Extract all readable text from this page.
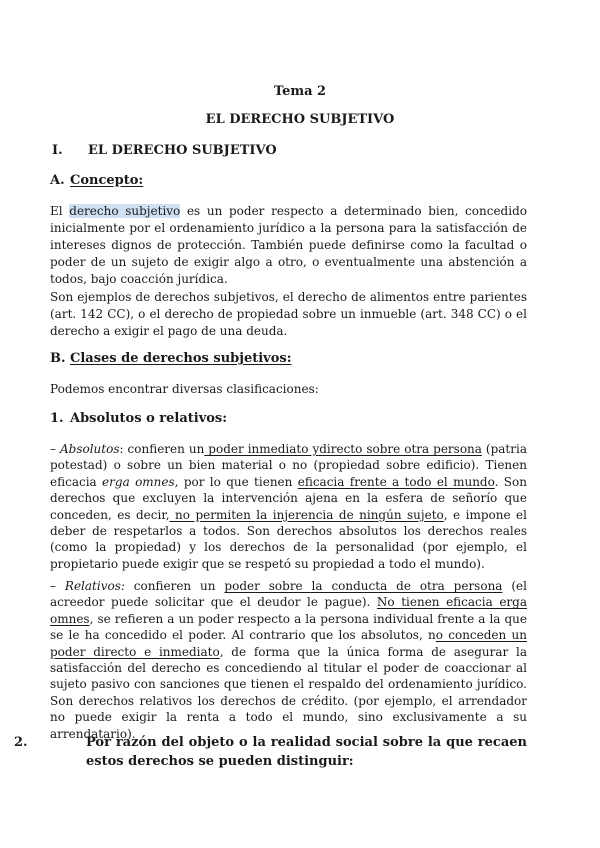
Tema 2
EL DERECHO SUBJETIVO
I. EL DERECHO SUBJETIVO
A. Concepto:
El derecho subjetivo es un poder respecto a determinado bien, concedido inicialmente por el ordenamiento jurídico a la persona para la satisfacción de intereses dignos de protección. También puede definirse como la facultad o poder de un sujeto de exigir algo a otro, o eventualmente una abstención a todos, bajo coacción jurídica.
Son ejemplos de derechos subjetivos, el derecho de alimentos entre parientes (art. 142 CC), o el derecho de propiedad sobre un inmueble (art. 348 CC) o el derecho a exigir el pago de una deuda.
B. Clases de derechos subjetivos:
Podemos encontrar diversas clasificaciones:
1. Absolutos o relativos:
– Absolutos: confieren un poder inmediato ydirecto sobre otra persona (patria potestad) o sobre un bien material o no (propiedad sobre edificio). Tienen eficacia erga omnes, por lo que tienen eficacia frente a todo el mundo. Son derechos que excluyen la intervención ajena en la esfera de señorío que conceden, es decir, no permiten la injerencia de ningún sujeto, e impone el deber de respetarlos a todos. Son derechos absolutos los derechos reales (como la propiedad) y los derechos de la personalidad (por ejemplo, el propietario puede exigir que se respetó su propiedad a todo el mundo).
– Relativos: confieren un poder sobre la conducta de otra persona (el acreedor puede solicitar que el deudor le pague). No tienen eficacia erga omnes, se refieren a un poder respecto a la persona individual frente a la que se le ha concedido el poder. Al contrario que los absolutos, no conceden un poder directo e inmediato, de forma que la única forma de asegurar la satisfacción del derecho es concediendo al titular el poder de coaccionar al sujeto pasivo con sanciones que tienen el respaldo del ordenamiento jurídico. Son derechos relativos los derechos de crédito. (por ejemplo, el arrendador no puede exigir la renta a todo el mundo, sino exclusivamente a su arrendatario).
2.	Por razón del objeto o la realidad social sobre la que recaen estos derechos se pueden distinguir:
